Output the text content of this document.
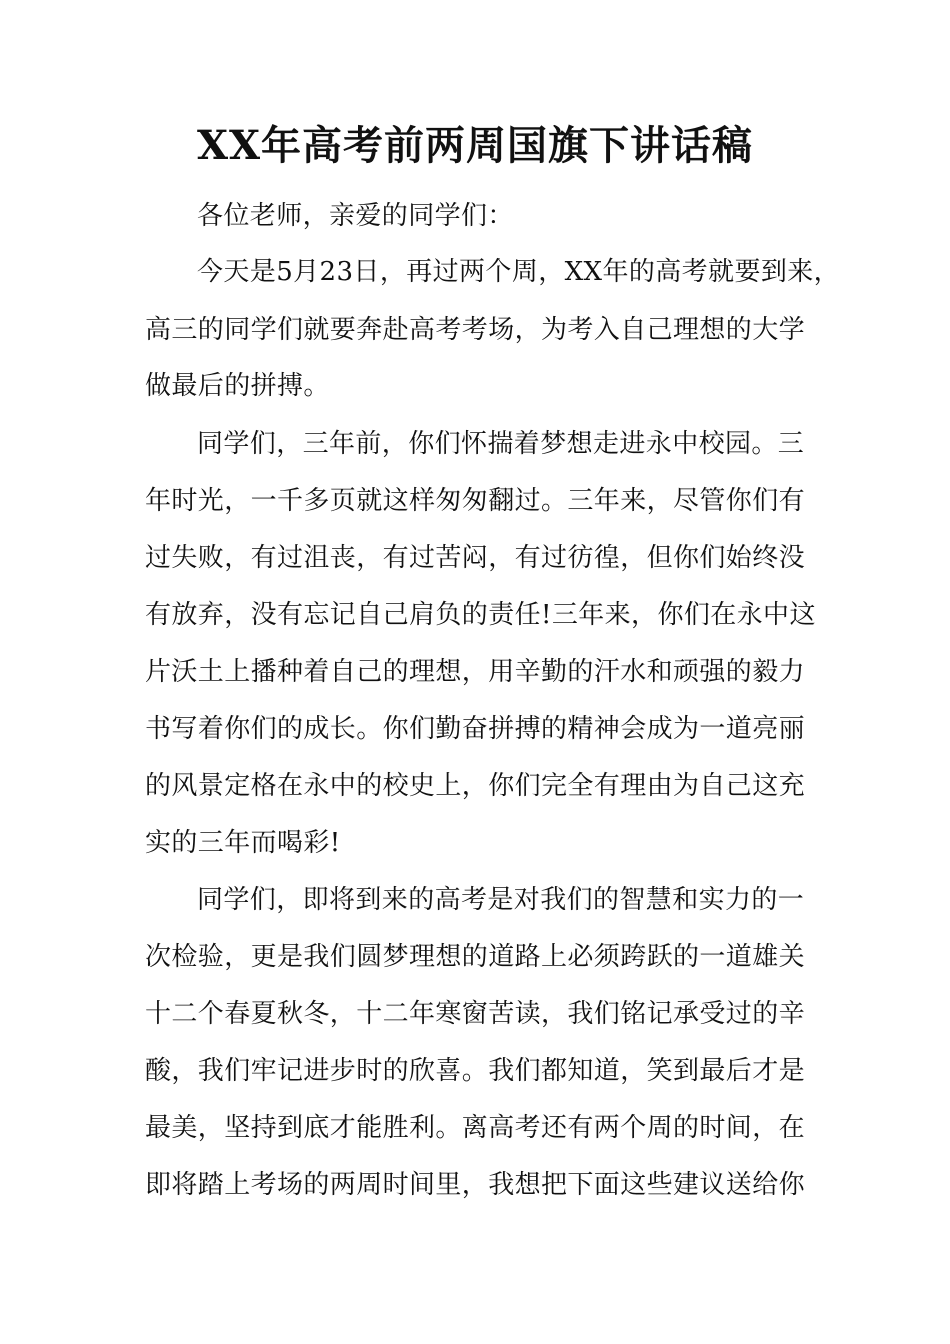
XX年高考前两周国旗下讲话稿

各位老师，亲爱的同学们：

今天是5月23日，再过两个周，XX年的高考就要到来，

高三的同学们就要奔赴高考考场，为考入自己理想的大学

做最后的拼搏。

同学们，三年前，你们怀揣着梦想走进永中校园。三

年时光，一千多页就这样匆匆翻过。三年来，尽管你们有

过失败，有过沮丧，有过苦闷，有过彷徨，但你们始终没

有放弃，没有忘记自己肩负的责任!三年来，你们在永中这

片沃土上播种着自己的理想，用辛勤的汗水和顽强的毅力

书写着你们的成长。你们勤奋拼搏的精神会成为一道亮丽

的风景定格在永中的校史上，你们完全有理由为自己这充

实的三年而喝彩!

同学们，即将到来的高考是对我们的智慧和实力的一

次检验，更是我们圆梦理想的道路上必须跨跃的一道雄关

十二个春夏秋冬，十二年寒窗苦读，我们铭记承受过的辛

酸，我们牢记进步时的欣喜。我们都知道，笑到最后才是

最美，坚持到底才能胜利。离高考还有两个周的时间，在

即将踏上考场的两周时间里，我想把下面这些建议送给你
